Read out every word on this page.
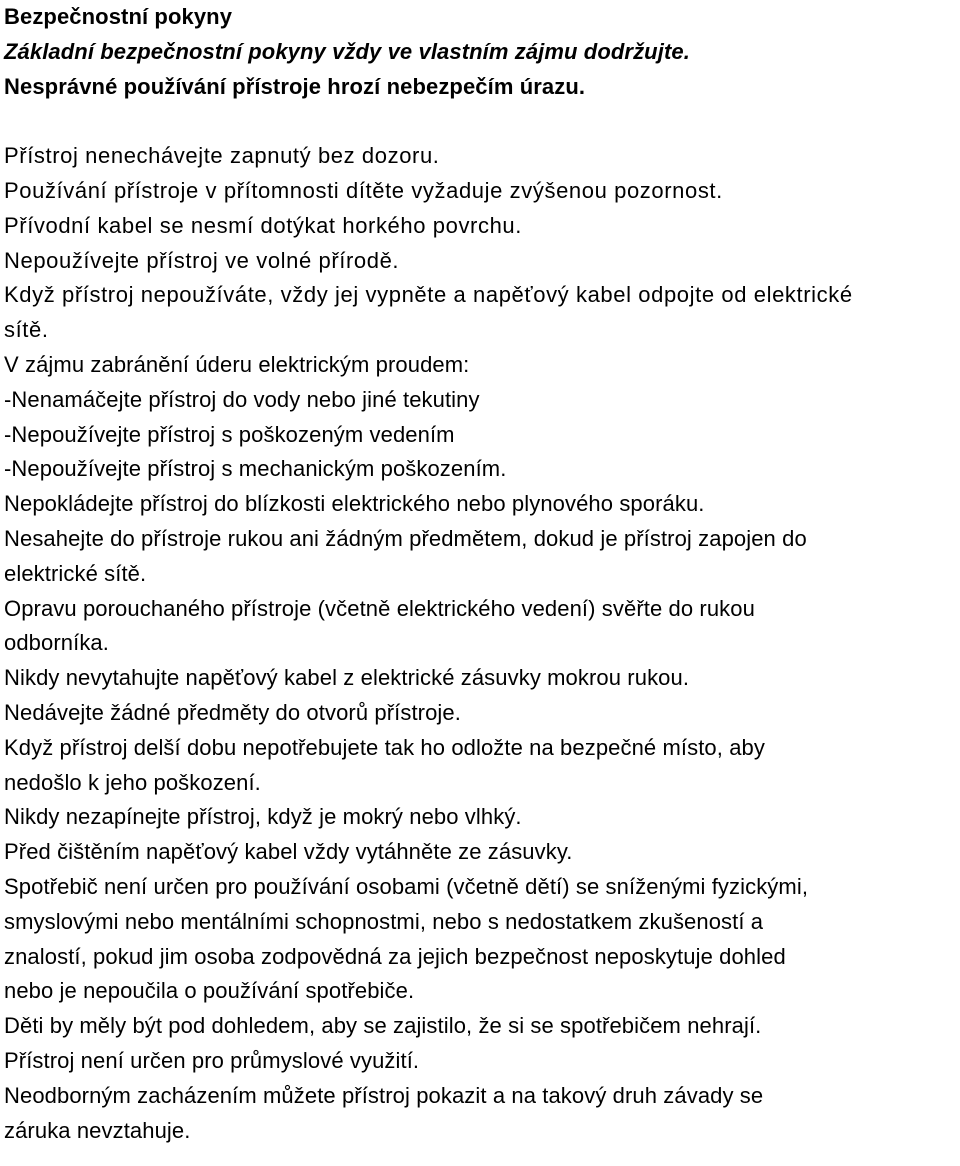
Bezpečnostní pokyny

Základní bezpečnostní pokyny vždy ve vlastním zájmu dodržujte.

Nesprávné používání přístroje hrozí nebezpečím úrazu.

Přístroj nenechávejte zapnutý bez dozoru.

Používání přístroje v přítomnosti dítěte vyžaduje zvýšenou pozornost.

Přívodní kabel se nesmí dotýkat horkého povrchu.

Nepoužívejte přístroj ve volné přírodě.

Když přístroj nepoužíváte, vždy jej vypněte a napěťový kabel odpojte od elektrické

sítě.

V zájmu zabránění úderu elektrickým proudem:

-Nenamáčejte přístroj do vody nebo jiné tekutiny

-Nepoužívejte přístroj s poškozeným vedením

-Nepoužívejte přístroj s mechanickým poškozením.

Nepokládejte přístroj do blízkosti elektrického nebo plynového sporáku.

Nesahejte do přístroje rukou ani žádným předmětem, dokud je přístroj zapojen do

elektrické sítě.

Opravu porouchaného přístroje (včetně elektrického vedení) svěřte do rukou

odborníka.

Nikdy nevytahujte napěťový kabel z elektrické zásuvky mokrou rukou.

Nedávejte žádné předměty do otvorů přístroje.

Když přístroj delší dobu nepotřebujete tak ho odložte na bezpečné místo, aby

nedošlo k jeho poškození.

Nikdy nezapínejte přístroj, když je mokrý nebo vlhký.

Před čištěním napěťový kabel vždy vytáhněte ze zásuvky.

Spotřebič není určen pro používání osobami (včetně dětí) se sníženými fyzickými,

smyslovými nebo mentálními schopnostmi, nebo s nedostatkem zkušeností a

znalostí, pokud jim osoba zodpovědná za jejich bezpečnost neposkytuje dohled

nebo je nepoučila o používání spotřebiče.

Děti by měly být pod dohledem, aby se zajistilo, že si se spotřebičem nehrají.

Přístroj není určen pro průmyslové využití.

Neodborným zacházením můžete přístroj pokazit a na takový druh závady se

záruka nevztahuje.
